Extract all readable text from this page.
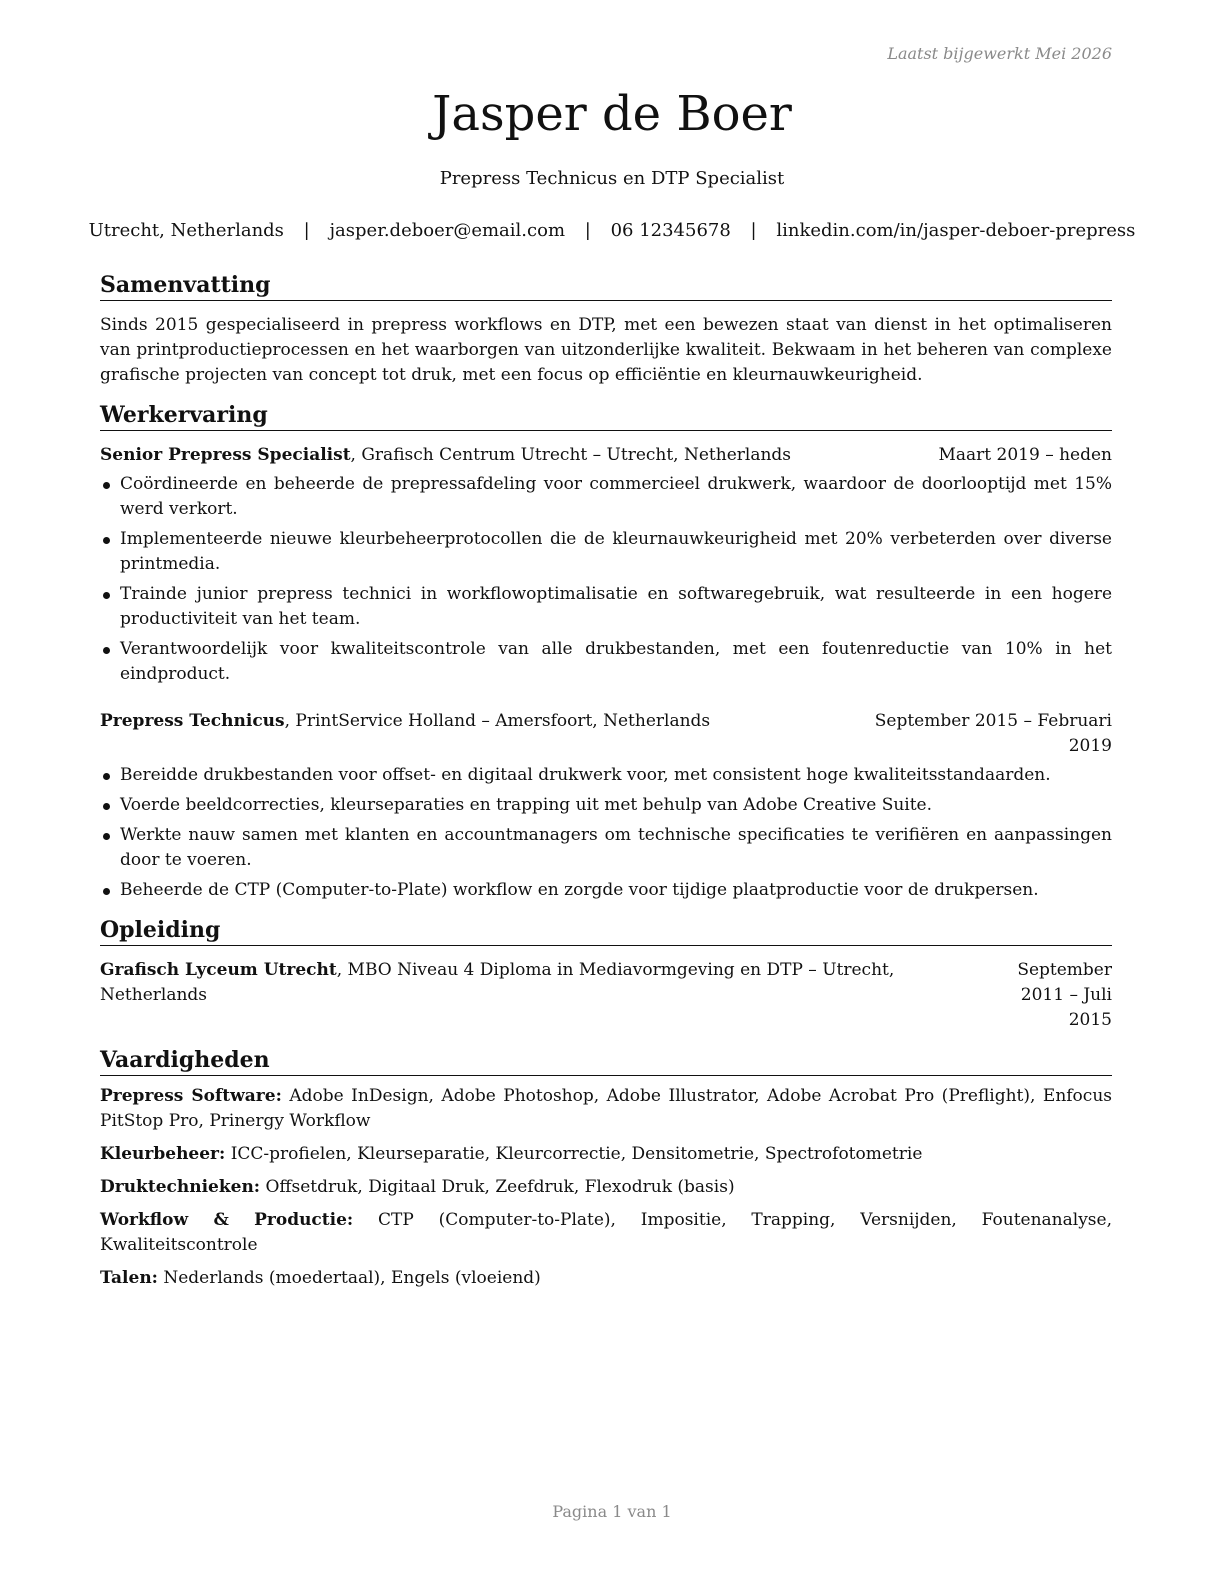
Laatst bijgewerkt Mei 2026
Jasper de Boer
Prepress Technicus en DTP Specialist
Utrecht, Netherlands | jasper.deboer@email.com | 06 12345678 | linkedin.com/in/jasper-deboer-prepress
Samenvatting

Sinds 2015 gespecialiseerd in prepress workflows en DTP, met een bewezen staat van dienst in het optimaliseren van printproductieprocessen en het waarborgen van uitzonderlijke kwaliteit. Bekwaam in het beheren van complexe grafische projecten van concept tot druk, met een focus op efficiëntie en kleurnauwkeurigheid.

Werkervaring
Senior Prepress Specialist, Grafisch Centrum Utrecht – Utrecht, Netherlands	Maart 2019 – heden
Coördineerde en beheerde de prepressafdeling voor commercieel drukwerk, waardoor de doorlooptijd met 15% werd verkort.
Implementeerde nieuwe kleurbeheerprotocollen die de kleurnauwkeurigheid met 20% verbeterden over diverse printmedia.
Trainde junior prepress technici in workflowoptimalisatie en softwaregebruik, wat resulteerde in een hogere productiviteit van het team.
Verantwoordelijk voor kwaliteitscontrole van alle drukbestanden, met een foutenreductie van 10% in het eindproduct.
Prepress Technicus, PrintService Holland – Amersfoort, Netherlands	September 2015 – Februari 2019
Bereidde drukbestanden voor offset- en digitaal drukwerk voor, met consistent hoge kwaliteitsstandaarden.
Voerde beeldcorrecties, kleurseparaties en trapping uit met behulp van Adobe Creative Suite.
Werkte nauw samen met klanten en accountmanagers om technische specificaties te verifiëren en aanpassingen door te voeren.
Beheerde de CTP (Computer-to-Plate) workflow en zorgde voor tijdige plaatproductie voor de drukpersen.
Opleiding
Grafisch Lyceum Utrecht, MBO Niveau 4 Diploma in Mediavormgeving en DTP – Utrecht, Netherlands
September 2011 – Juli 2015
Vaardigheden
Prepress Software: Adobe InDesign, Adobe Photoshop, Adobe Illustrator, Adobe Acrobat Pro (Preflight), Enfocus PitStop Pro, Prinergy Workflow
Kleurbeheer: ICC-profielen, Kleurseparatie, Kleurcorrectie, Densitometrie, Spectrofotometrie
Druktechnieken: Offsetdruk, Digitaal Druk, Zeefdruk, Flexodruk (basis)
Workflow & Productie: CTP (Computer-to-Plate), Impositie, Trapping, Versnijden, Foutenanalyse, Kwaliteitscontrole
Talen: Nederlands (moedertaal), Engels (vloeiend)
Pagina 1 van 1
